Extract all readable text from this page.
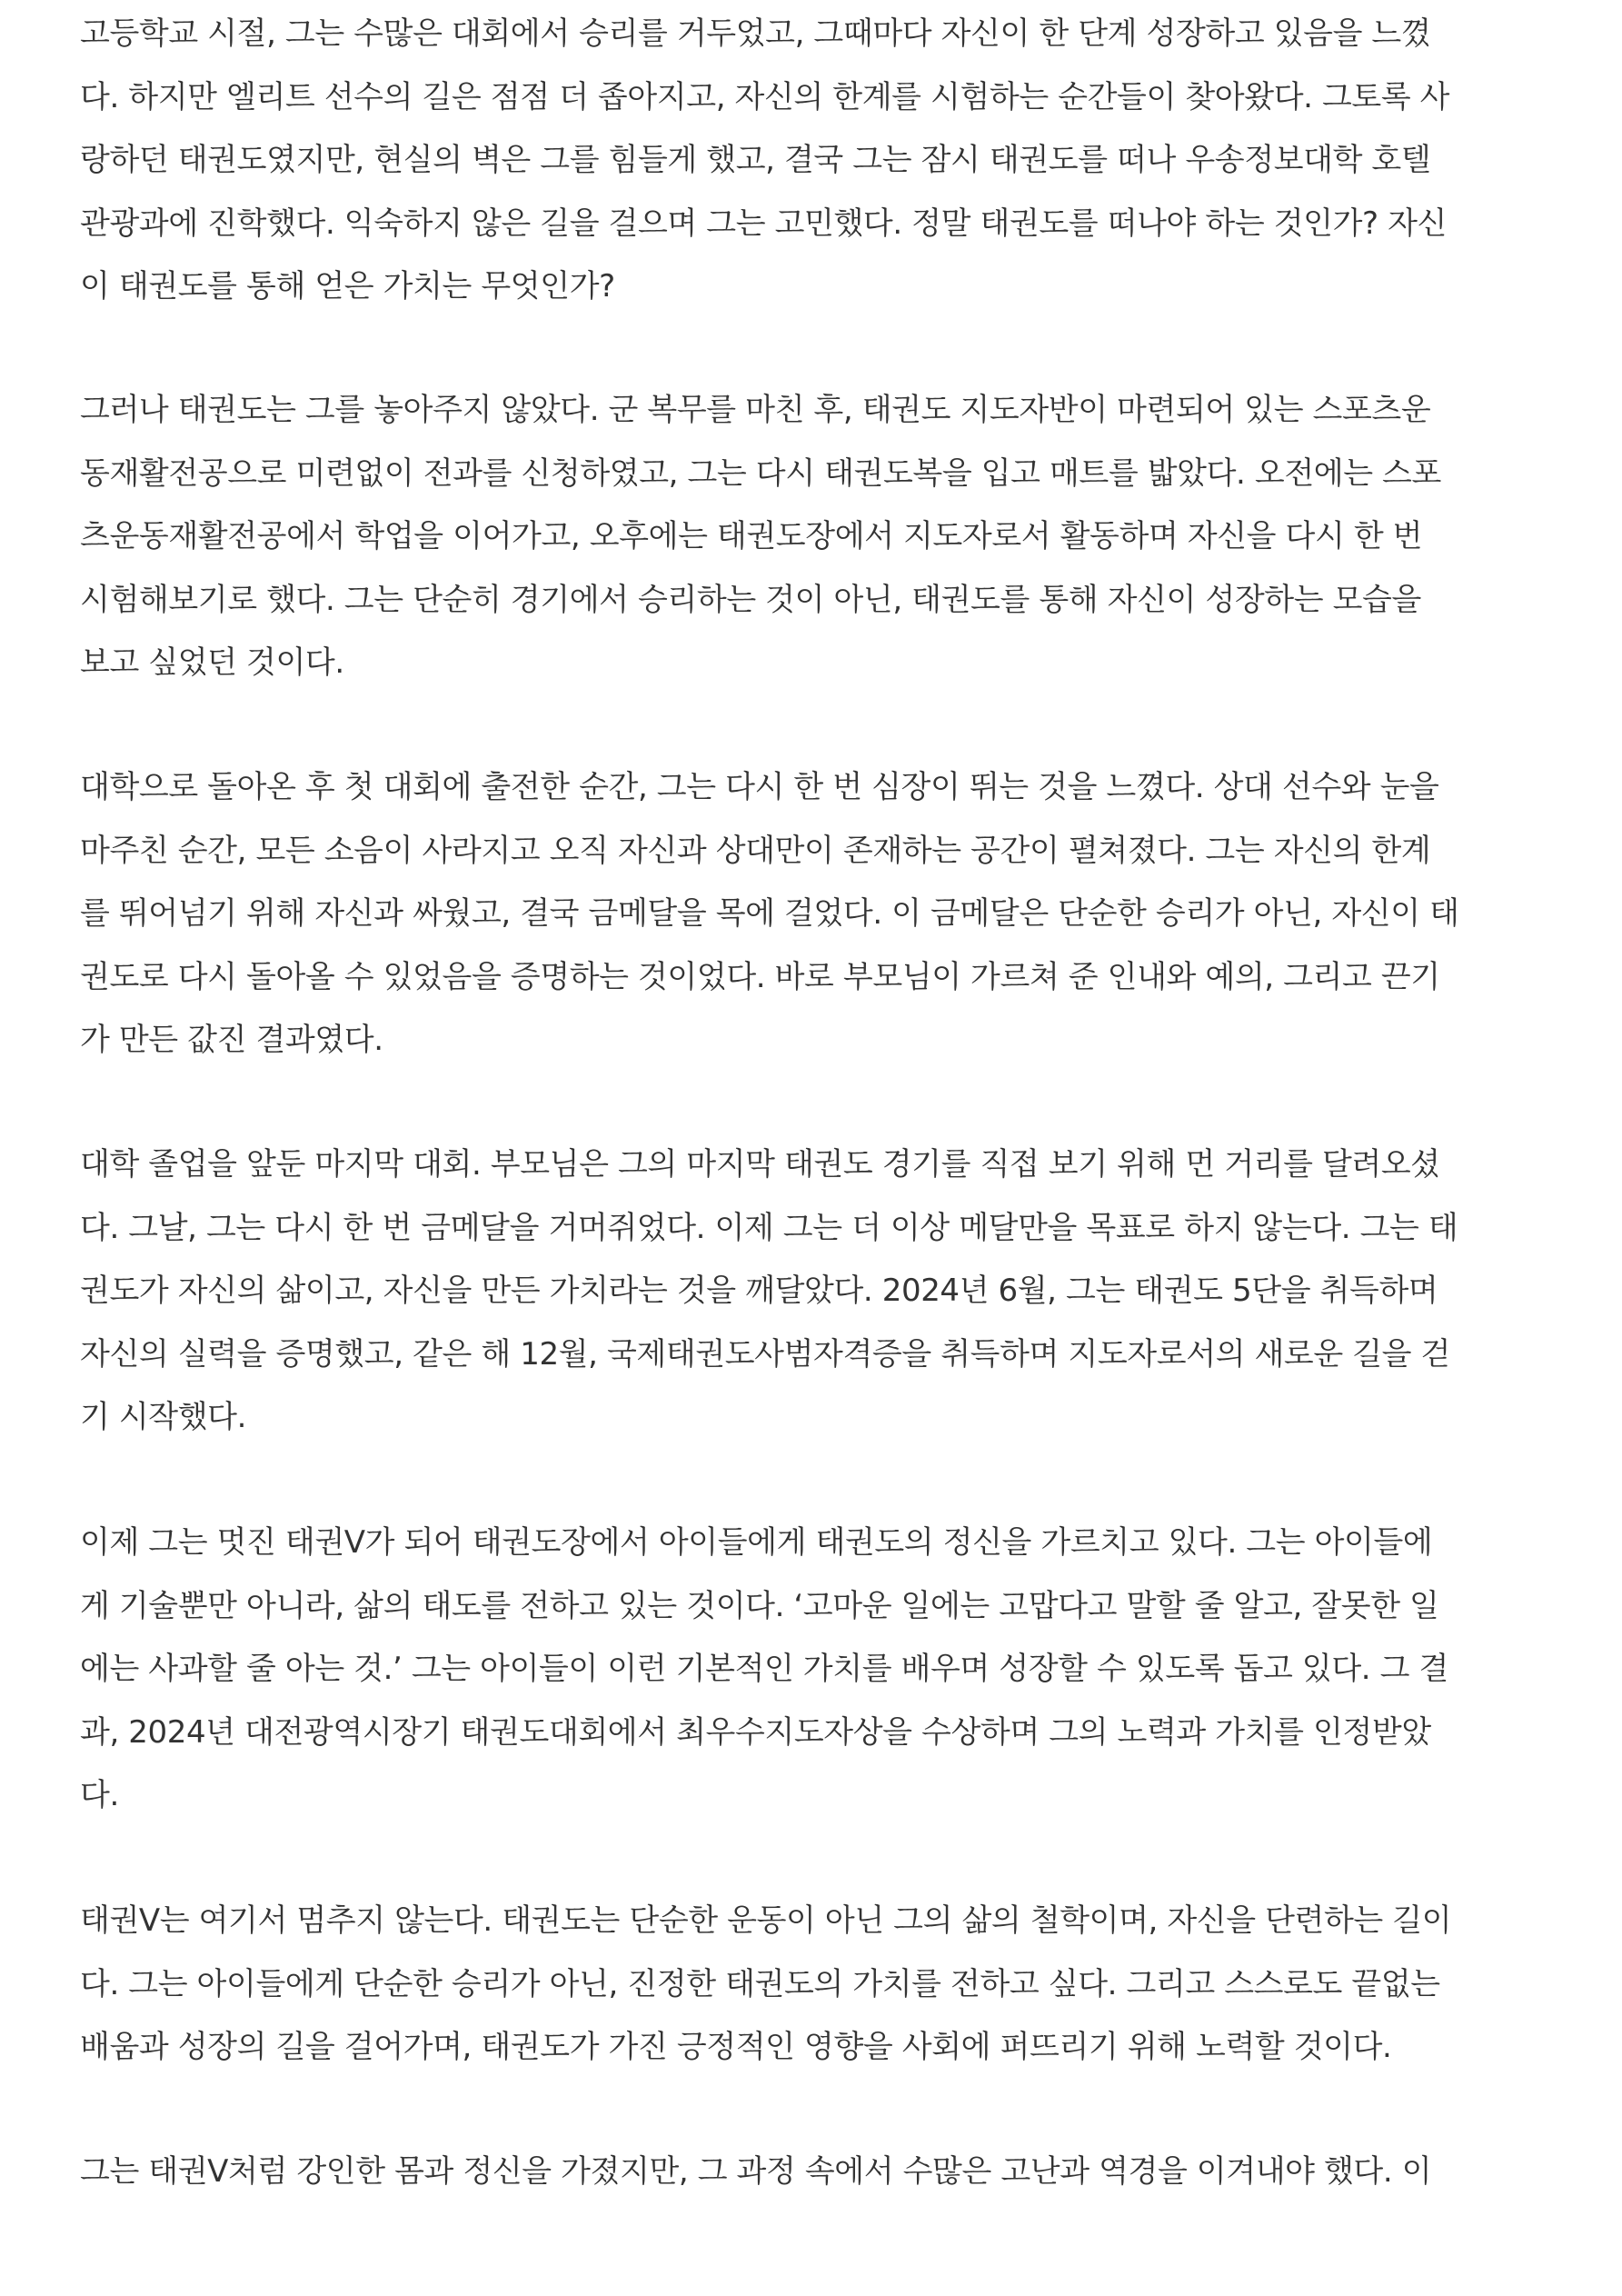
고등학교 시절, 그는 수많은 대회에서 승리를 거두었고, 그때마다 자신이 한 단계 성장하고 있음을 느꼈
다. 하지만 엘리트 선수의 길은 점점 더 좁아지고, 자신의 한계를 시험하는 순간들이 찾아왔다. 그토록 사
랑하던 태권도였지만, 현실의 벽은 그를 힘들게 했고, 결국 그는 잠시 태권도를 떠나 우송정보대학 호텔
관광과에 진학했다. 익숙하지 않은 길을 걸으며 그는 고민했다. 정말 태권도를 떠나야 하는 것인가? 자신
이 태권도를 통해 얻은 가치는 무엇인가?

그러나 태권도는 그를 놓아주지 않았다. 군 복무를 마친 후, 태권도 지도자반이 마련되어 있는 스포츠운
동재활전공으로 미련없이 전과를 신청하였고, 그는 다시 태권도복을 입고 매트를 밟았다. 오전에는 스포
츠운동재활전공에서 학업을 이어가고, 오후에는 태권도장에서 지도자로서 활동하며 자신을 다시 한 번
시험해보기로 했다. 그는 단순히 경기에서 승리하는 것이 아닌, 태권도를 통해 자신이 성장하는 모습을
보고 싶었던 것이다.

대학으로 돌아온 후 첫 대회에 출전한 순간, 그는 다시 한 번 심장이 뛰는 것을 느꼈다. 상대 선수와 눈을
마주친 순간, 모든 소음이 사라지고 오직 자신과 상대만이 존재하는 공간이 펼쳐졌다. 그는 자신의 한계
를 뛰어넘기 위해 자신과 싸웠고, 결국 금메달을 목에 걸었다. 이 금메달은 단순한 승리가 아닌, 자신이 태
권도로 다시 돌아올 수 있었음을 증명하는 것이었다. 바로 부모님이 가르쳐 준 인내와 예의, 그리고 끈기
가 만든 값진 결과였다.

대학 졸업을 앞둔 마지막 대회. 부모님은 그의 마지막 태권도 경기를 직접 보기 위해 먼 거리를 달려오셨
다. 그날, 그는 다시 한 번 금메달을 거머쥐었다. 이제 그는 더 이상 메달만을 목표로 하지 않는다. 그는 태
권도가 자신의 삶이고, 자신을 만든 가치라는 것을 깨달았다. 2024년 6월, 그는 태권도 5단을 취득하며
자신의 실력을 증명했고, 같은 해 12월, 국제태권도사범자격증을 취득하며 지도자로서의 새로운 길을 걷
기 시작했다.

이제 그는 멋진 태권V가 되어 태권도장에서 아이들에게 태권도의 정신을 가르치고 있다. 그는 아이들에
게 기술뿐만 아니라, 삶의 태도를 전하고 있는 것이다. ‘고마운 일에는 고맙다고 말할 줄 알고, 잘못한 일
에는 사과할 줄 아는 것.’ 그는 아이들이 이런 기본적인 가치를 배우며 성장할 수 있도록 돕고 있다. 그 결
과, 2024년 대전광역시장기 태권도대회에서 최우수지도자상을 수상하며 그의 노력과 가치를 인정받았
다.

태권V는 여기서 멈추지 않는다. 태권도는 단순한 운동이 아닌 그의 삶의 철학이며, 자신을 단련하는 길이
다. 그는 아이들에게 단순한 승리가 아닌, 진정한 태권도의 가치를 전하고 싶다. 그리고 스스로도 끝없는
배움과 성장의 길을 걸어가며, 태권도가 가진 긍정적인 영향을 사회에 퍼뜨리기 위해 노력할 것이다.

그는 태권V처럼 강인한 몸과 정신을 가졌지만, 그 과정 속에서 수많은 고난과 역경을 이겨내야 했다. 이
